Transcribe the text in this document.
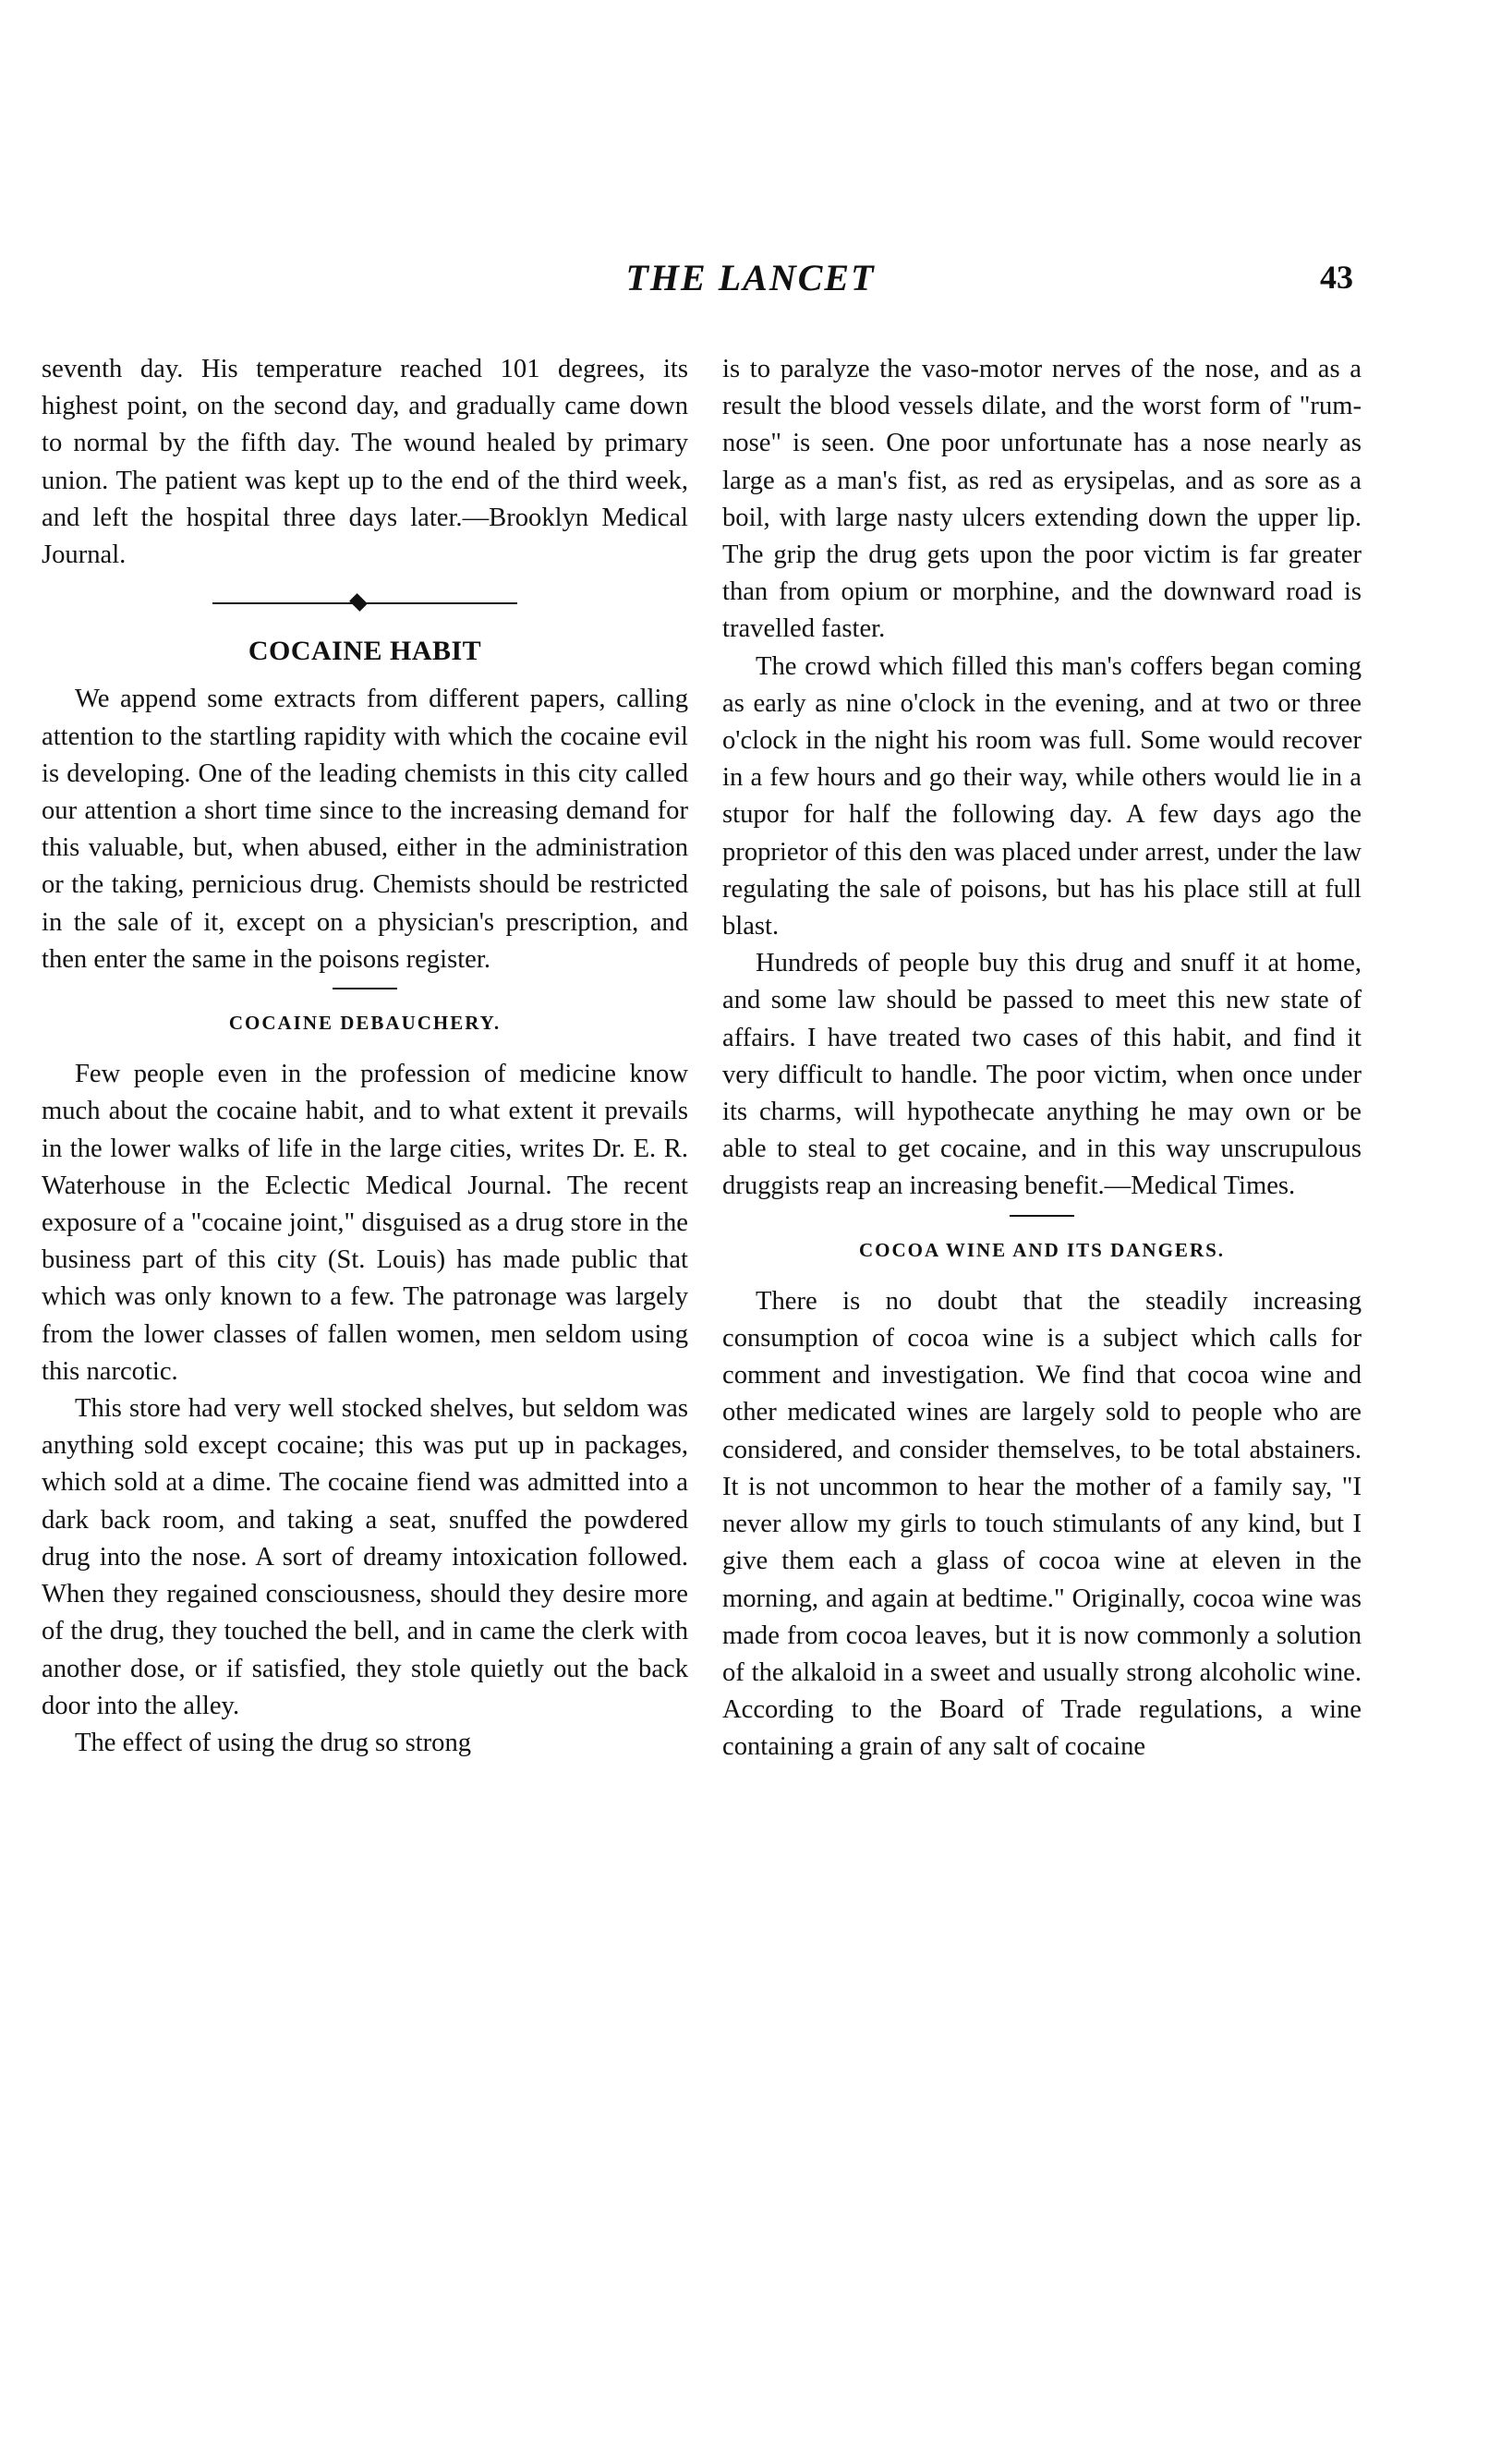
THE LANCET	43

seventh day. His temperature reached 101 degrees, its highest point, on the second day, and gradually came down to normal by the fifth day. The wound healed by primary union. The patient was kept up to the end of the third week, and left the hospital three days later.—Brooklyn Medical Journal.

COCAINE HABIT

We append some extracts from different papers, calling attention to the startling rapidity with which the cocaine evil is developing. One of the leading chemists in this city called our attention a short time since to the increasing demand for this valuable, but, when abused, either in the administration or the taking, pernicious drug. Chemists should be restricted in the sale of it, except on a physician's prescription, and then enter the same in the poisons register.

COCAINE DEBAUCHERY.

Few people even in the profession of medicine know much about the cocaine habit, and to what extent it prevails in the lower walks of life in the large cities, writes Dr. E. R. Waterhouse in the Eclectic Medical Journal. The recent exposure of a "cocaine joint," disguised as a drug store in the business part of this city (St. Louis) has made public that which was only known to a few. The patronage was largely from the lower classes of fallen women, men seldom using this narcotic.

This store had very well stocked shelves, but seldom was anything sold except cocaine; this was put up in packages, which sold at a dime. The cocaine fiend was admitted into a dark back room, and taking a seat, snuffed the powdered drug into the nose. A sort of dreamy intoxication followed. When they regained consciousness, should they desire more of the drug, they touched the bell, and in came the clerk with another dose, or if satisfied, they stole quietly out the back door into the alley.

The effect of using the drug so strong

is to paralyze the vaso-motor nerves of the nose, and as a result the blood vessels dilate, and the worst form of "rum-nose" is seen. One poor unfortunate has a nose nearly as large as a man's fist, as red as erysipelas, and as sore as a boil, with large nasty ulcers extending down the upper lip. The grip the drug gets upon the poor victim is far greater than from opium or morphine, and the downward road is travelled faster.

The crowd which filled this man's coffers began coming as early as nine o'clock in the evening, and at two or three o'clock in the night his room was full. Some would recover in a few hours and go their way, while others would lie in a stupor for half the following day. A few days ago the proprietor of this den was placed under arrest, under the law regulating the sale of poisons, but has his place still at full blast.

Hundreds of people buy this drug and snuff it at home, and some law should be passed to meet this new state of affairs. I have treated two cases of this habit, and find it very difficult to handle. The poor victim, when once under its charms, will hypothecate anything he may own or be able to steal to get cocaine, and in this way unscrupulous druggists reap an increasing benefit.—Medical Times.

COCOA WINE AND ITS DANGERS.

There is no doubt that the steadily increasing consumption of cocoa wine is a subject which calls for comment and investigation. We find that cocoa wine and other medicated wines are largely sold to people who are considered, and consider themselves, to be total abstainers. It is not uncommon to hear the mother of a family say, "I never allow my girls to touch stimulants of any kind, but I give them each a glass of cocoa wine at eleven in the morning, and again at bedtime." Originally, cocoa wine was made from cocoa leaves, but it is now commonly a solution of the alkaloid in a sweet and usually strong alcoholic wine. According to the Board of Trade regulations, a wine containing a grain of any salt of cocaine
